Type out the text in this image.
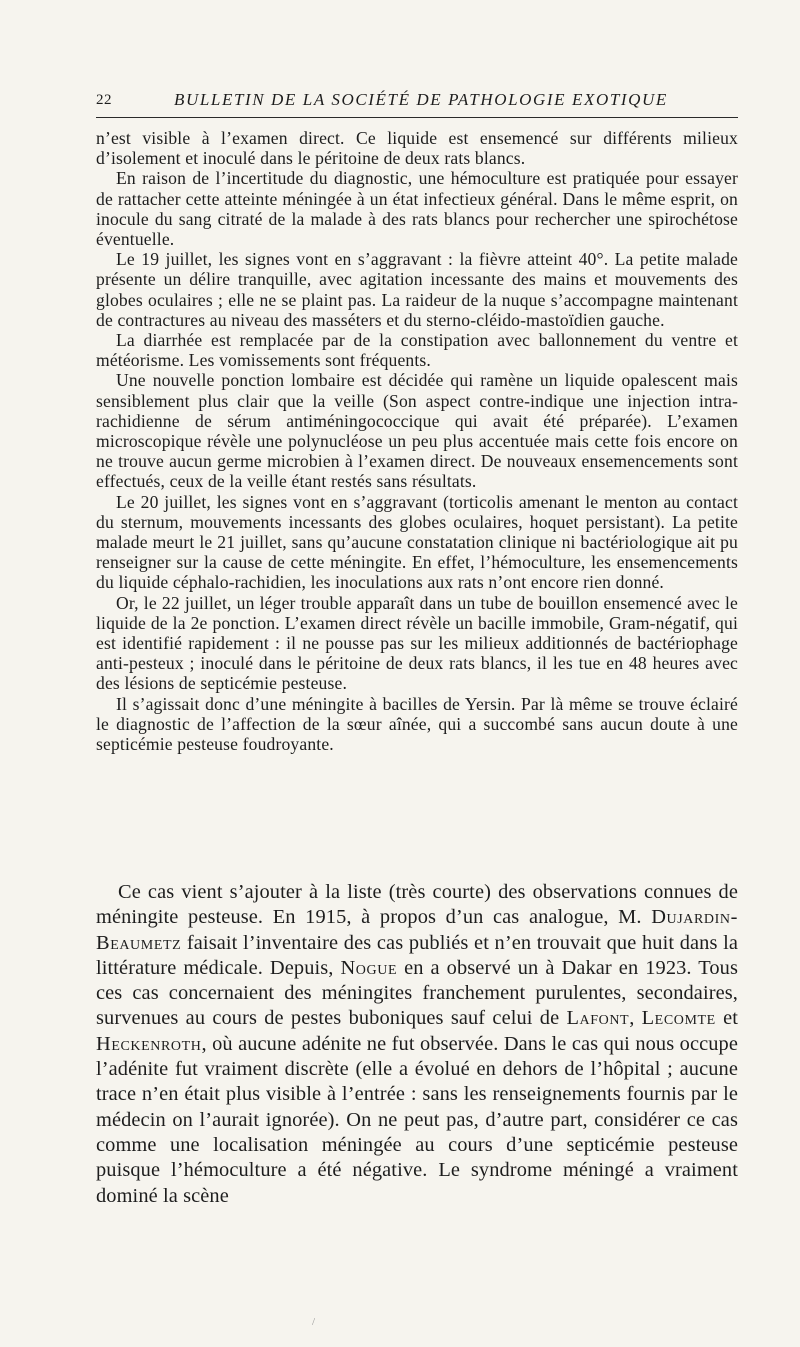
22	BULLETIN DE LA SOCIÉTÉ DE PATHOLOGIE EXOTIQUE

n’est visible à l’examen direct. Ce liquide est ensemencé sur différents milieux d’isolement et inoculé dans le péritoine de deux rats blancs.

En raison de l’incertitude du diagnostic, une hémoculture est pratiquée pour essayer de rattacher cette atteinte méningée à un état infectieux général. Dans le même esprit, on inocule du sang citraté de la malade à des rats blancs pour rechercher une spirochétose éventuelle.

Le 19 juillet, les signes vont en s’aggravant : la fièvre atteint 40°. La petite malade présente un délire tranquille, avec agitation incessante des mains et mouvements des globes oculaires ; elle ne se plaint pas. La raideur de la nuque s’accompagne maintenant de contractures au niveau des masséters et du sterno-cléido-mastoïdien gauche.

La diarrhée est remplacée par de la constipation avec ballonnement du ventre et météorisme. Les vomissements sont fréquents.

Une nouvelle ponction lombaire est décidée qui ramène un liquide opalescent mais sensiblement plus clair que la veille (Son aspect contre-indique une injection intra-rachidienne de sérum antiméningococcique qui avait été préparée). L’examen microscopique révèle une polynucléose un peu plus accentuée mais cette fois encore on ne trouve aucun germe microbien à l’examen direct. De nouveaux ensemencements sont effectués, ceux de la veille étant restés sans résultats.

Le 20 juillet, les signes vont en s’aggravant (torticolis amenant le menton au contact du sternum, mouvements incessants des globes oculaires, hoquet persistant). La petite malade meurt le 21 juillet, sans qu’aucune constatation clinique ni bactériologique ait pu renseigner sur la cause de cette méningite. En effet, l’hémoculture, les ensemencements du liquide céphalo-rachidien, les inoculations aux rats n’ont encore rien donné.

Or, le 22 juillet, un léger trouble apparaît dans un tube de bouillon ensemencé avec le liquide de la 2e ponction. L’examen direct révèle un bacille immobile, Gram-négatif, qui est identifié rapidement : il ne pousse pas sur les milieux additionnés de bactériophage anti-pesteux ; inoculé dans le péritoine de deux rats blancs, il les tue en 48 heures avec des lésions de septicémie pesteuse.

Il s’agissait donc d’une méningite à bacilles de Yersin. Par là même se trouve éclairé le diagnostic de l’affection de la sœur aînée, qui a succombé sans aucun doute à une septicémie pesteuse foudroyante.

Ce cas vient s’ajouter à la liste (très courte) des observations connues de méningite pesteuse. En 1915, à propos d’un cas analogue, M. Dujardin-Beaumetz faisait l’inventaire des cas publiés et n’en trouvait que huit dans la littérature médicale. Depuis, Nogue en a observé un à Dakar en 1923. Tous ces cas concernaient des méningites franchement purulentes, secondaires, survenues au cours de pestes buboniques sauf celui de Lafont, Lecomte et Heckenroth, où aucune adénite ne fut observée. Dans le cas qui nous occupe l’adénite fut vraiment discrète (elle a évolué en dehors de l’hôpital ; aucune trace n’en était plus visible à l’entrée : sans les renseignements fournis par le médecin on l’aurait ignorée). On ne peut pas, d’autre part, considérer ce cas comme une localisation méningée au cours d’une septicémie pesteuse puisque l’hémoculture a été négative. Le syndrome méningé a vraiment dominé la scène

/
